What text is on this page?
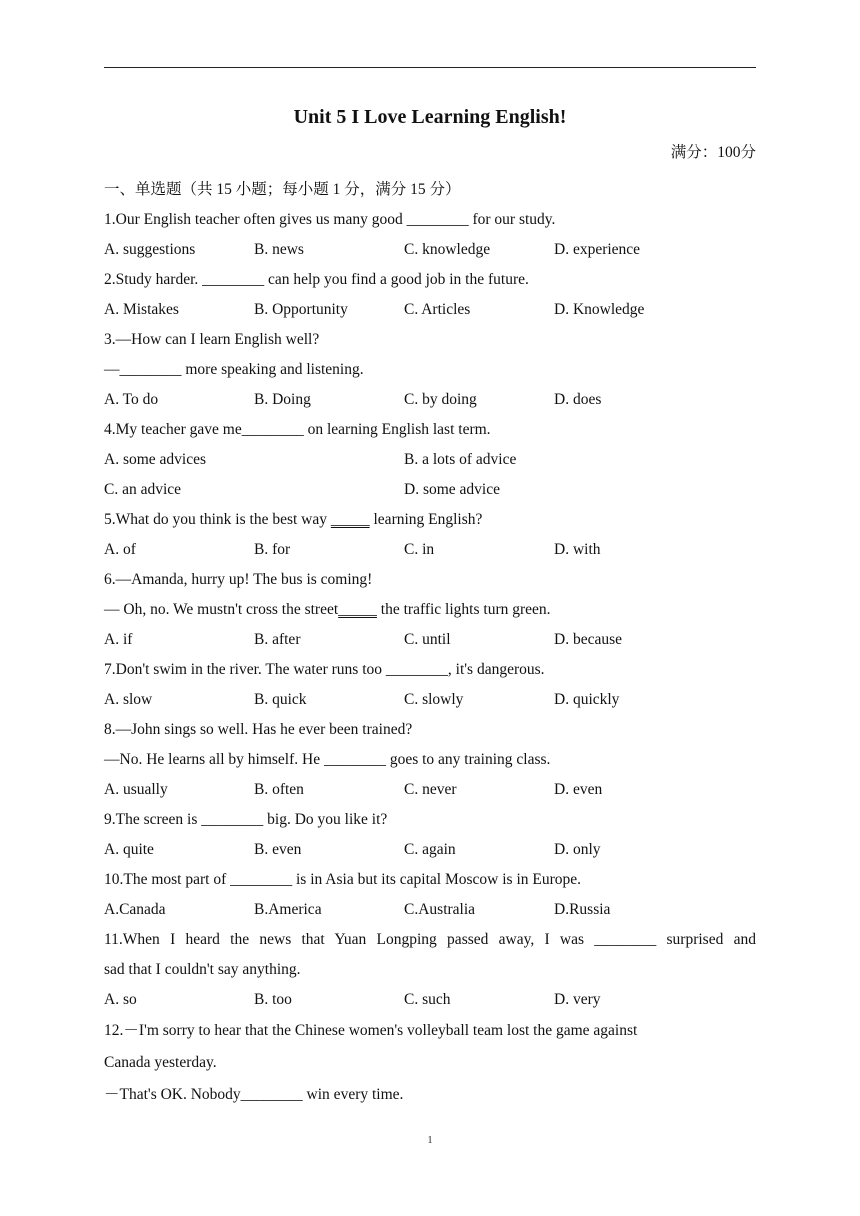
Unit 5 I Love Learning English!
满分：100分
一、单选题（共 15 小题；每小题 1 分，满分 15 分）
1.Our English teacher often gives us many good ________ for our study.
A. suggestions	B. news	C. knowledge	D. experience
2.Study harder. ________ can help you find a good job in the future.
A. Mistakes	B. Opportunity	C. Articles	D. Knowledge
3.—How can I learn English well?
—________ more speaking and listening.
A. To do	B. Doing	C. by doing	D. does
4.My teacher gave me________ on learning English last term.
A. some advices	B. a lots of advice
C. an advice	D. some advice
5.What do you think is the best way _____ learning English?
A. of	B. for	C. in	D. with
6.—Amanda, hurry up! The bus is coming!
— Oh, no. We mustn't cross the street_____ the traffic lights turn green.
A. if	B. after	C. until	D. because
7.Don't swim in the river. The water runs too ________, it's dangerous.
A. slow	B. quick	C. slowly	D. quickly
8.—John sings so well. Has he ever been trained?
—No. He learns all by himself. He ________ goes to any training class.
A. usually	B. often	C. never	D. even
9.The screen is ________ big. Do you like it?
A. quite	B. even	C. again	D. only
10.The most part of ________ is in Asia but its capital Moscow is in Europe.
A.Canada	B.America	C.Australia	D.Russia
11.When I heard the news that Yuan Longping passed away, I was ________ surprised and
sad that I couldn't say anything.
A. so	B. too	C. such	D. very
12.－I'm sorry to hear that the Chinese women's volleyball team lost the game against
Canada yesterday.
－That's OK. Nobody________ win every time.
1
